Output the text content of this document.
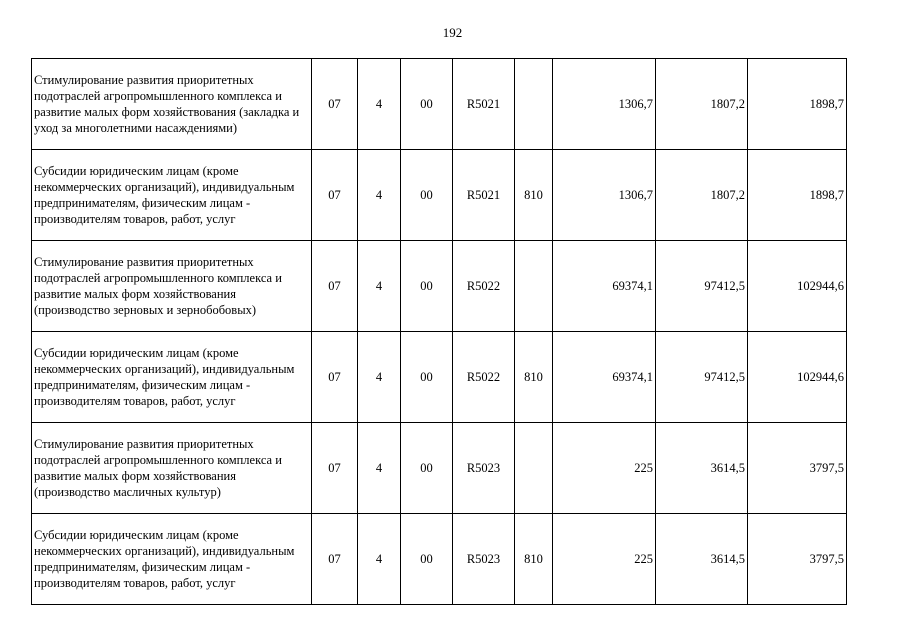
192
Стимулирование развития приоритетных подотраслей агропромышленного комплекса и развитие малых форм хозяйствования (закладка и уход за многолетними насаждениями)	07	4	00	R5021		1306,7	1807,2	1898,7
Субсидии юридическим лицам (кроме некоммерческих организаций), индивидуальным предпринимателям, физическим лицам - производителям товаров, работ, услуг	07	4	00	R5021	810	1306,7	1807,2	1898,7
Стимулирование развития приоритетных подотраслей агропромышленного комплекса и развитие малых форм хозяйствования (производство зерновых и зернобобовых)	07	4	00	R5022		69374,1	97412,5	102944,6
Субсидии юридическим лицам (кроме некоммерческих организаций), индивидуальным предпринимателям, физическим лицам - производителям товаров, работ, услуг	07	4	00	R5022	810	69374,1	97412,5	102944,6
Стимулирование развития приоритетных подотраслей агропромышленного комплекса и развитие малых форм хозяйствования (производство масличных культур)	07	4	00	R5023		225	3614,5	3797,5
Субсидии юридическим лицам (кроме некоммерческих организаций), индивидуальным предпринимателям, физическим лицам - производителям товаров, работ, услуг	07	4	00	R5023	810	225	3614,5	3797,5
